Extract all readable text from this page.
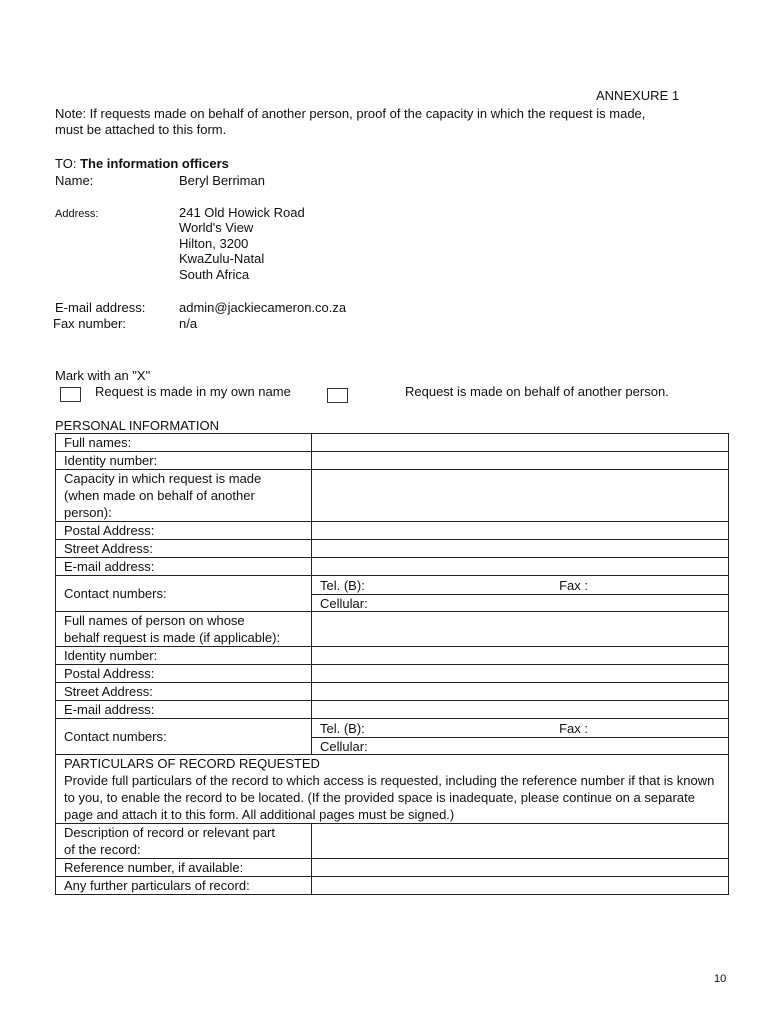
ANNEXURE 1
Note: If requests made on behalf of another person, proof of the capacity in which the request is made,
must be attached to this form.
TO: The information officers
Name:	Beryl Berriman
Address:	241 Old Howick Road
World's View
Hilton, 3200
KwaZulu-Natal
South Africa
E-mail address:	admin@jackiecameron.co.za
Fax number:	n/a
Mark with an "X"
Request is made in my own name	Request is made on behalf of another person.
PERSONAL INFORMATION
Full names:	
Identity number:	

Capacity in which request is made
(when made on behalf of another
person):	

Postal Address:	
Street Address:	
E-mail address:	
Contact numbers:	Tel. (B): Fax :
Cellular:

Full names of person on whose
behalf request is made (if applicable):	

Identity number:	
Postal Address:	
Street Address:	
E-mail address:	
Contact numbers:	Tel. (B): Fax :
Cellular:

PARTICULARS OF RECORD REQUESTED
Provide full particulars of the record to which access is requested, including the reference number if that is known to you, to enable the record to be located. (If the provided space is inadequate, please continue on a separate page and attach it to this form. All additional pages must be signed.)	

Description of record or relevant part
of the record:	

Reference number, if available:	
Any further particulars of record:	
10
